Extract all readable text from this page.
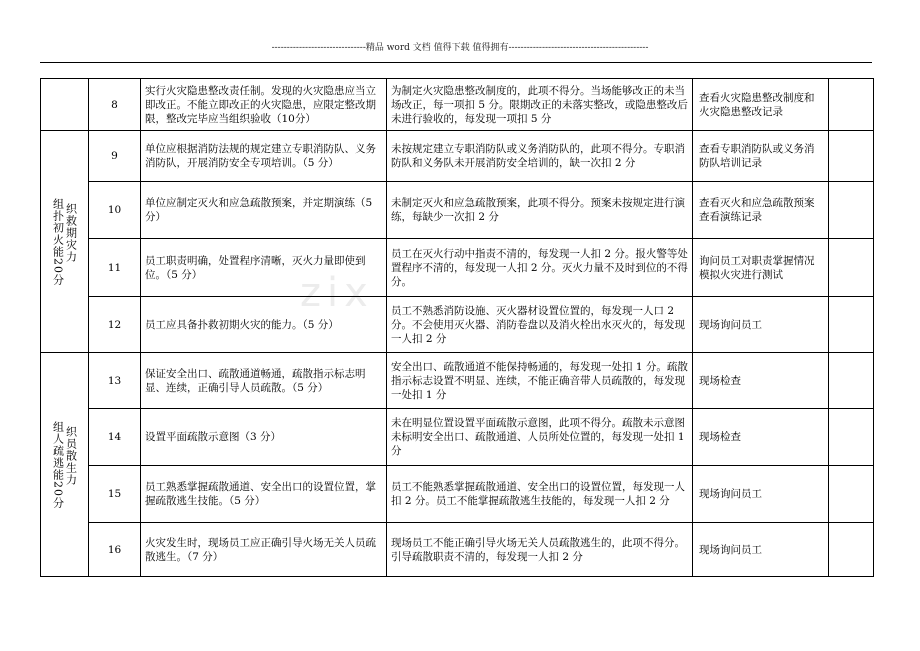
-------------------------------精品 word 文档 值得下载 值得拥有----------------------------------------------
zix
	8	实行火灾隐患整改责任制。发现的火灾隐患应当立即改正。不能立即改正的火灾隐患，应限定整改期限，整改完毕应当组织验收（10分）	为制定火灾隐患整改制度的，此项不得分。当场能够改正的未当场改正，每一项扣 5 分。限期改正的未落实整改，或隐患整改后未进行验收的，每发现一项扣 5 分	查看火灾隐患整改制度和火灾隐患整改记录	

组扑初火能20分
织救期灾力	9	单位应根据消防法规的规定建立专职消防队、义务消防队，开展消防安全专项培训。（5 分）	未按规定建立专职消防队或义务消防队的，此项不得分。专职消防队和义务队未开展消防安全培训的，缺一次扣 2 分	查看专职消防队或义务消防队培训记录	
	10	单位应制定灭火和应急疏散预案，并定期演练（5 分）	未制定灭火和应急疏散预案，此项不得分。预案未按规定进行演练，每缺少一次扣 2 分	查看灭火和应急疏散预案
查看演练记录	
	11	员工职责明确，处置程序清晰，灭火力量即使到位。（5 分）	员工在灭火行动中指责不清的，每发现一人扣 2 分。报火警等处置程序不清的，每发现一人扣 2 分。灭火力量不及时到位的不得分。	询问员工对职责掌握情况
模拟火灾进行测试	
	12	员工应具备扑救初期火灾的能力。（5 分）	员工不熟悉消防设施、灭火器材设置位置的，每发现一人口 2 分。不会使用灭火器、消防卷盘以及消火栓出水灭火的，每发现一人扣 2 分	现场询问员工	

组人疏逃能20分
织员散生力	13	保证安全出口、疏散通道畅通，疏散指示标志明显、连续，正确引导人员疏散。（5 分）	安全出口、疏散通道不能保持畅通的，每发现一处扣 1 分。疏散指示标志设置不明显、连续，不能正确音带人员疏散的，每发现一处扣 1 分	现场检查	
	14	设置平面疏散示意图（3 分）	未在明显位置设置平面疏散示意图，此项不得分。疏散未示意图未标明安全出口、疏散通道、人员所处位置的，每发现一处扣 1 分	现场检查	
	15	员工熟悉掌握疏散通道、安全出口的设置位置，掌握疏散逃生技能。（5 分）	员工不能熟悉掌握疏散通道、安全出口的设置位置，每发现一人扣 2 分。员工不能掌握疏散逃生技能的，每发现一人扣 2 分	现场询问员工	
	16	火灾发生时，现场员工应正确引导火场无关人员疏散逃生。（7 分）	现场员工不能正确引导火场无关人员疏散逃生的，此项不得分。引导疏散职责不清的，每发现一人扣 2 分	现场询问员工	
